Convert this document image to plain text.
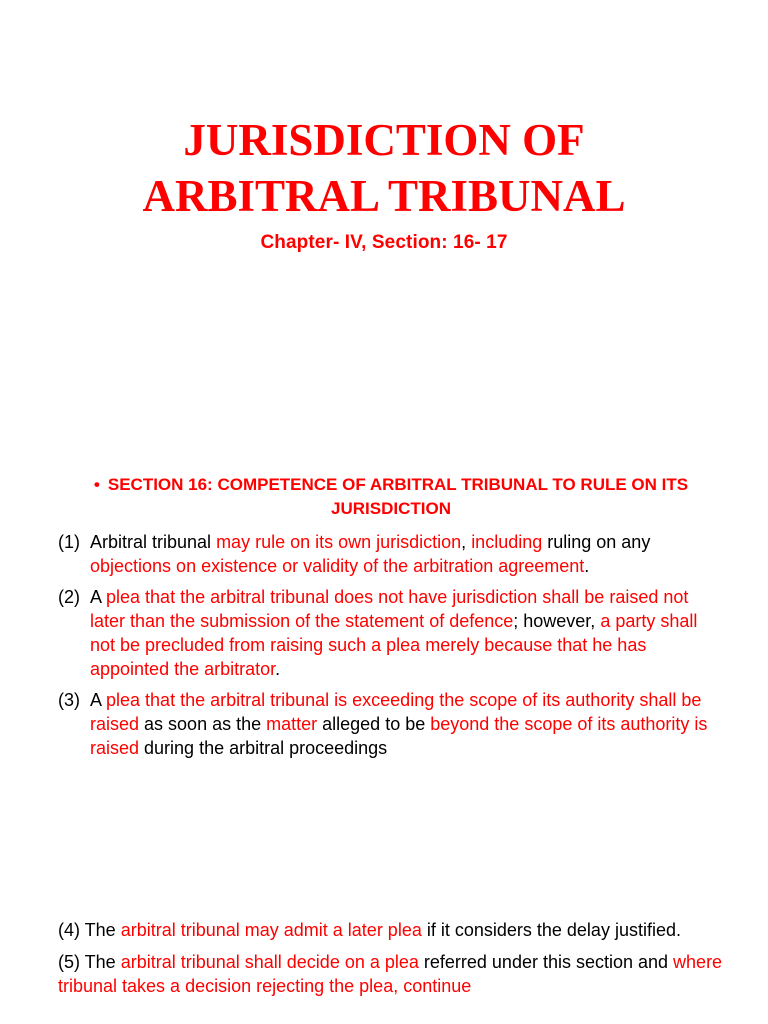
JURISDICTION OF
ARBITRAL TRIBUNAL
Chapter- IV, Section: 16- 17
• SECTION 16: COMPETENCE OF ARBITRAL TRIBUNAL TO RULE ON ITS JURISDICTION
(1) Arbitral tribunal may rule on its own jurisdiction, including ruling on any objections on existence or validity of the arbitration agreement.
(2) A plea that the arbitral tribunal does not have jurisdiction shall be raised not later than the submission of the statement of defence; however, a party shall not be precluded from raising such a plea merely because that he has appointed the arbitrator.
(3) A plea that the arbitral tribunal is exceeding the scope of its authority shall be raised as soon as the matter alleged to be beyond the scope of its authority is raised during the arbitral proceedings
(4) The arbitral tribunal may admit a later plea if it considers the delay justified.
(5) The arbitral tribunal shall decide on a plea referred under this section and where tribunal takes a decision rejecting the plea, continue
